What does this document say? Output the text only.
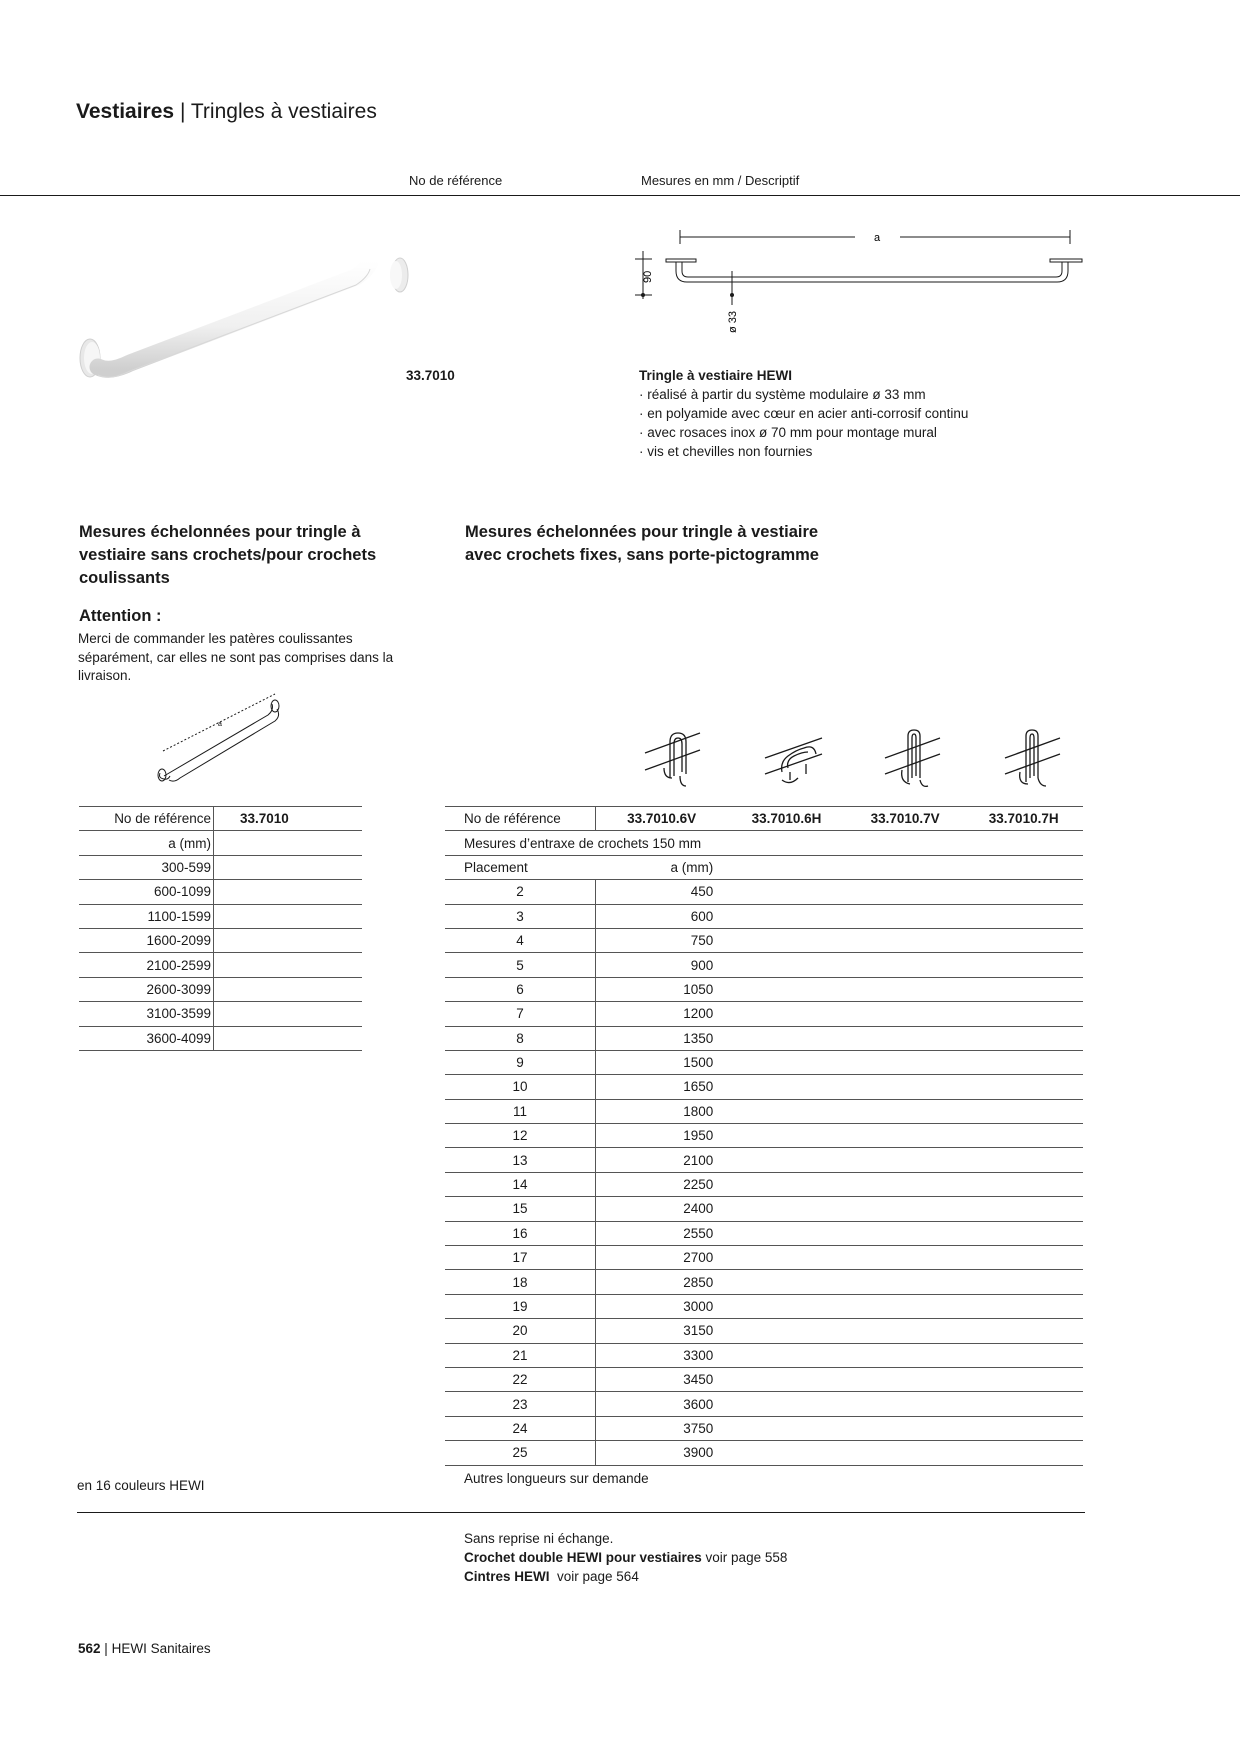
Vestiaires | Tringles à vestiaires
No de référence	Mesures en mm / Descriptif
33.7010
a
90
ø 33
Tringle à vestiaire HEWI
· réalisé à partir du système modulaire ø 33 mm
· en polyamide avec cœur en acier anti-corrosif continu
· avec rosaces inox ø 70 mm pour montage mural
· vis et chevilles non fournies
Mesures échelonnées pour tringle à
vestiaire sans crochets/pour crochets
coulissants
Attention :
Merci de commander les patères coulissantes
séparément, car elles ne sont pas comprises dans la
livraison.
a
No de référence	33.7010
a (mm)	
300-599	
600-1099	
1100-1599	
1600-2099	
2100-2599	
2600-3099	
3100-3599	
3600-4099	
en 16 couleurs HEWI
Mesures échelonnées pour tringle à vestiaire
avec crochets fixes, sans porte-pictogramme
No de référence	33.7010.6V	33.7010.6H	33.7010.7V	33.7010.7H
Mesures d’entraxe de crochets 150 mm				
Placement	a (mm)			
2	450			
3	600			
4	750			
5	900			
6	1050			
7	1200			
8	1350			
9	1500			
10	1650			
11	1800			
12	1950			
13	2100			
14	2250			
15	2400			
16	2550			
17	2700			
18	2850			
19	3000			
20	3150			
21	3300			
22	3450			
23	3600			
24	3750			
25	3900			
Autres longueurs sur demande
Sans reprise ni échange.
Crochet double HEWI pour vestiaires voir page 558
Cintres HEWI  voir page 564
562 | HEWI Sanitaires
